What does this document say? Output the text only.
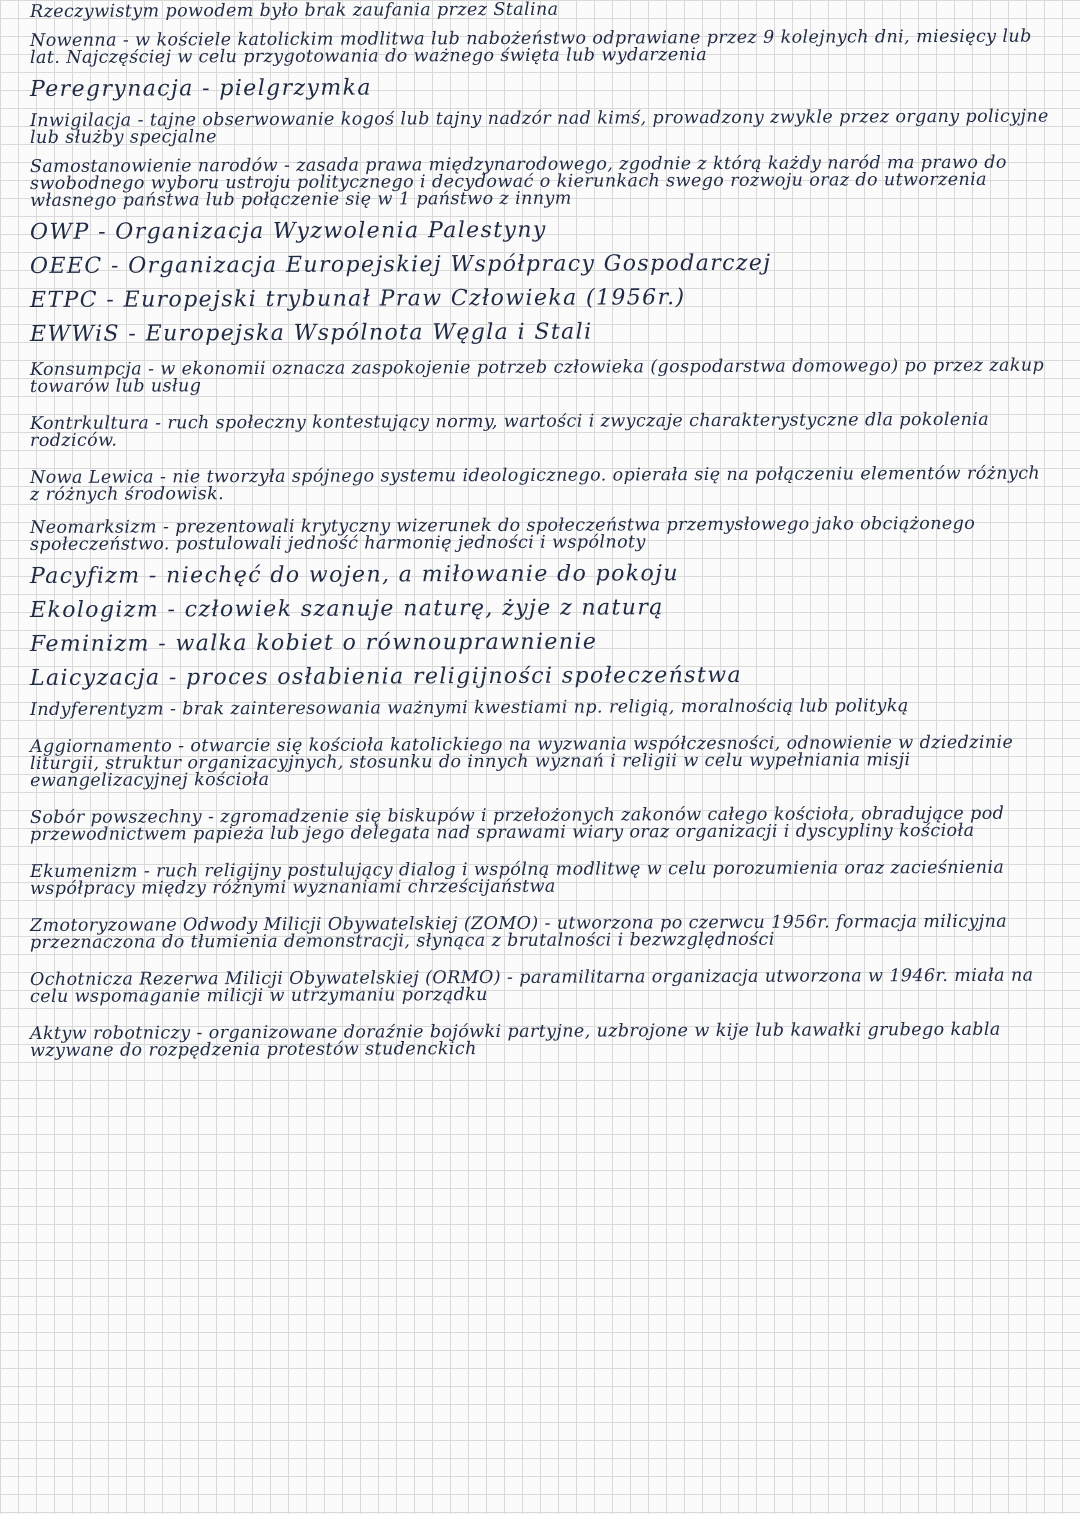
Rzeczywistym powodem było brak zaufania przez Stalina

Nowenna - w kościele katolickim modlitwa lub nabożeństwo odprawiane przez 9 kolejnych dni, miesięcy lub lat. Najczęściej w celu przygotowania do ważnego święta lub wydarzenia

Peregrynacja - pielgrzymka

Inwigilacja - tajne obserwowanie kogoś lub tajny nadzór nad kimś, prowadzony zwykle przez organy policyjne lub służby specjalne

Samostanowienie narodów - zasada prawa międzynarodowego, zgodnie z którą każdy naród ma prawo do swobodnego wyboru ustroju politycznego i decydować o kierunkach swego rozwoju oraz do utworzenia własnego państwa lub połączenie się w 1 państwo z innym

OWP - Organizacja Wyzwolenia Palestyny

OEEC - Organizacja Europejskiej Współpracy Gospodarczej

ETPC - Europejski trybunał Praw Człowieka (1956r.)

EWWiS - Europejska Wspólnota Węgla i Stali

Konsumpcja - w ekonomii oznacza zaspokojenie potrzeb człowieka (gospodarstwa domowego) po przez zakup towarów lub usług

Kontrkultura - ruch społeczny kontestujący normy, wartości i zwyczaje charakterystyczne dla pokolenia rodziców.

Nowa Lewica - nie tworzyła spójnego systemu ideologicznego. opierała się na połączeniu elementów różnych z różnych środowisk.

Neomarksizm - prezentowali krytyczny wizerunek do społeczeństwa przemysłowego jako obciążonego społeczeństwo. postulowali jedność harmonię jedności i wspólnoty

Pacyfizm - niechęć do wojen, a miłowanie do pokoju

Ekologizm - człowiek szanuje naturę, żyje z naturą

Feminizm - walka kobiet o równouprawnienie

Laicyzacja - proces osłabienia religijności społeczeństwa

Indyferentyzm - brak zainteresowania ważnymi kwestiami np. religią, moralnością lub polityką

Aggiornamento - otwarcie się kościoła katolickiego na wyzwania współczesności, odnowienie w dziedzinie liturgii, struktur organizacyjnych, stosunku do innych wyznań i religii w celu wypełniania misji ewangelizacyjnej kościoła

Sobór powszechny - zgromadzenie się biskupów i przełożonych zakonów całego kościoła, obradujące pod przewodnictwem papieża lub jego delegata nad sprawami wiary oraz organizacji i dyscypliny kościoła

Ekumenizm - ruch religijny postulujący dialog i wspólną modlitwę w celu porozumienia oraz zacieśnienia współpracy między różnymi wyznaniami chrześcijaństwa

Zmotoryzowane Odwody Milicji Obywatelskiej (ZOMO) - utworzona po czerwcu 1956r. formacja milicyjna przeznaczona do tłumienia demonstracji, słynąca z brutalności i bezwzględności

Ochotnicza Rezerwa Milicji Obywatelskiej (ORMO) - paramilitarna organizacja utworzona w 1946r. miała na celu wspomaganie milicji w utrzymaniu porządku

Aktyw robotniczy - organizowane doraźnie bojówki partyjne, uzbrojone w kije lub kawałki grubego kabla wzywane do rozpędzenia protestów studenckich
